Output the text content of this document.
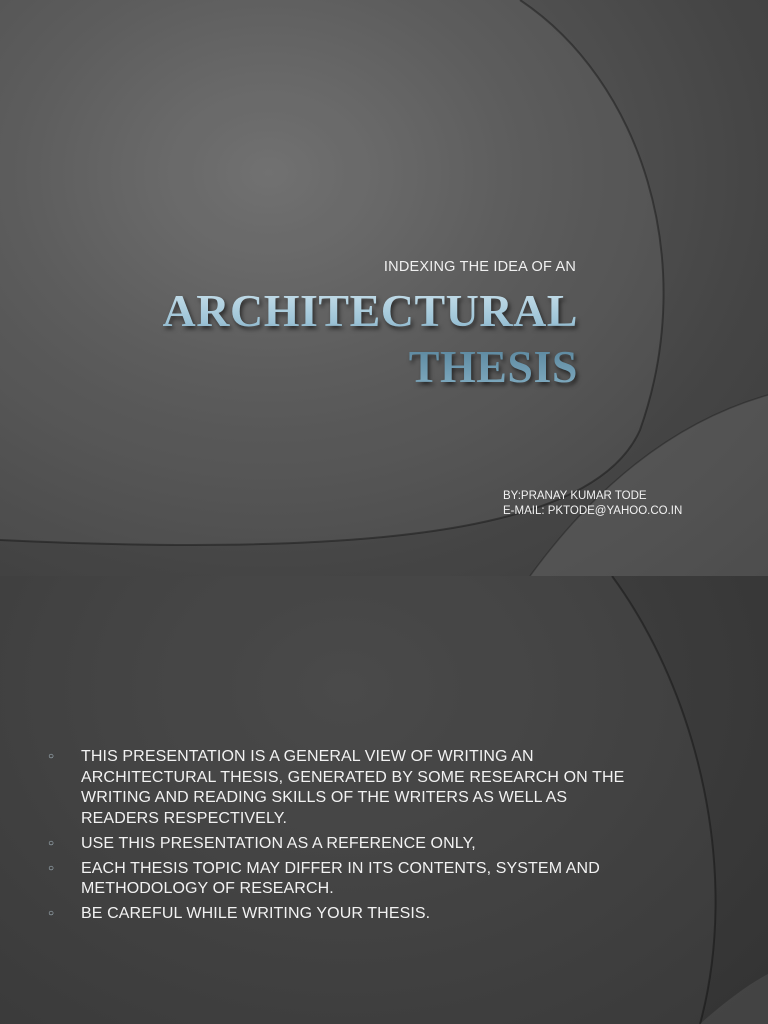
INDEXING THE IDEA OF AN
ARCHITECTURAL
THESIS
BY:PRANAY KUMAR TODE
E-MAIL: PKTODE@YAHOO.CO.IN
○ THIS PRESENTATION IS A GENERAL VIEW OF WRITING AN ARCHITECTURAL THESIS, GENERATED BY SOME RESEARCH ON THE WRITING AND READING SKILLS OF THE WRITERS AS WELL AS READERS RESPECTIVELY.
○ USE THIS PRESENTATION AS A REFERENCE ONLY,
○ EACH THESIS TOPIC MAY DIFFER IN ITS CONTENTS, SYSTEM AND METHODOLOGY OF RESEARCH.
○ BE CAREFUL WHILE WRITING YOUR THESIS.
